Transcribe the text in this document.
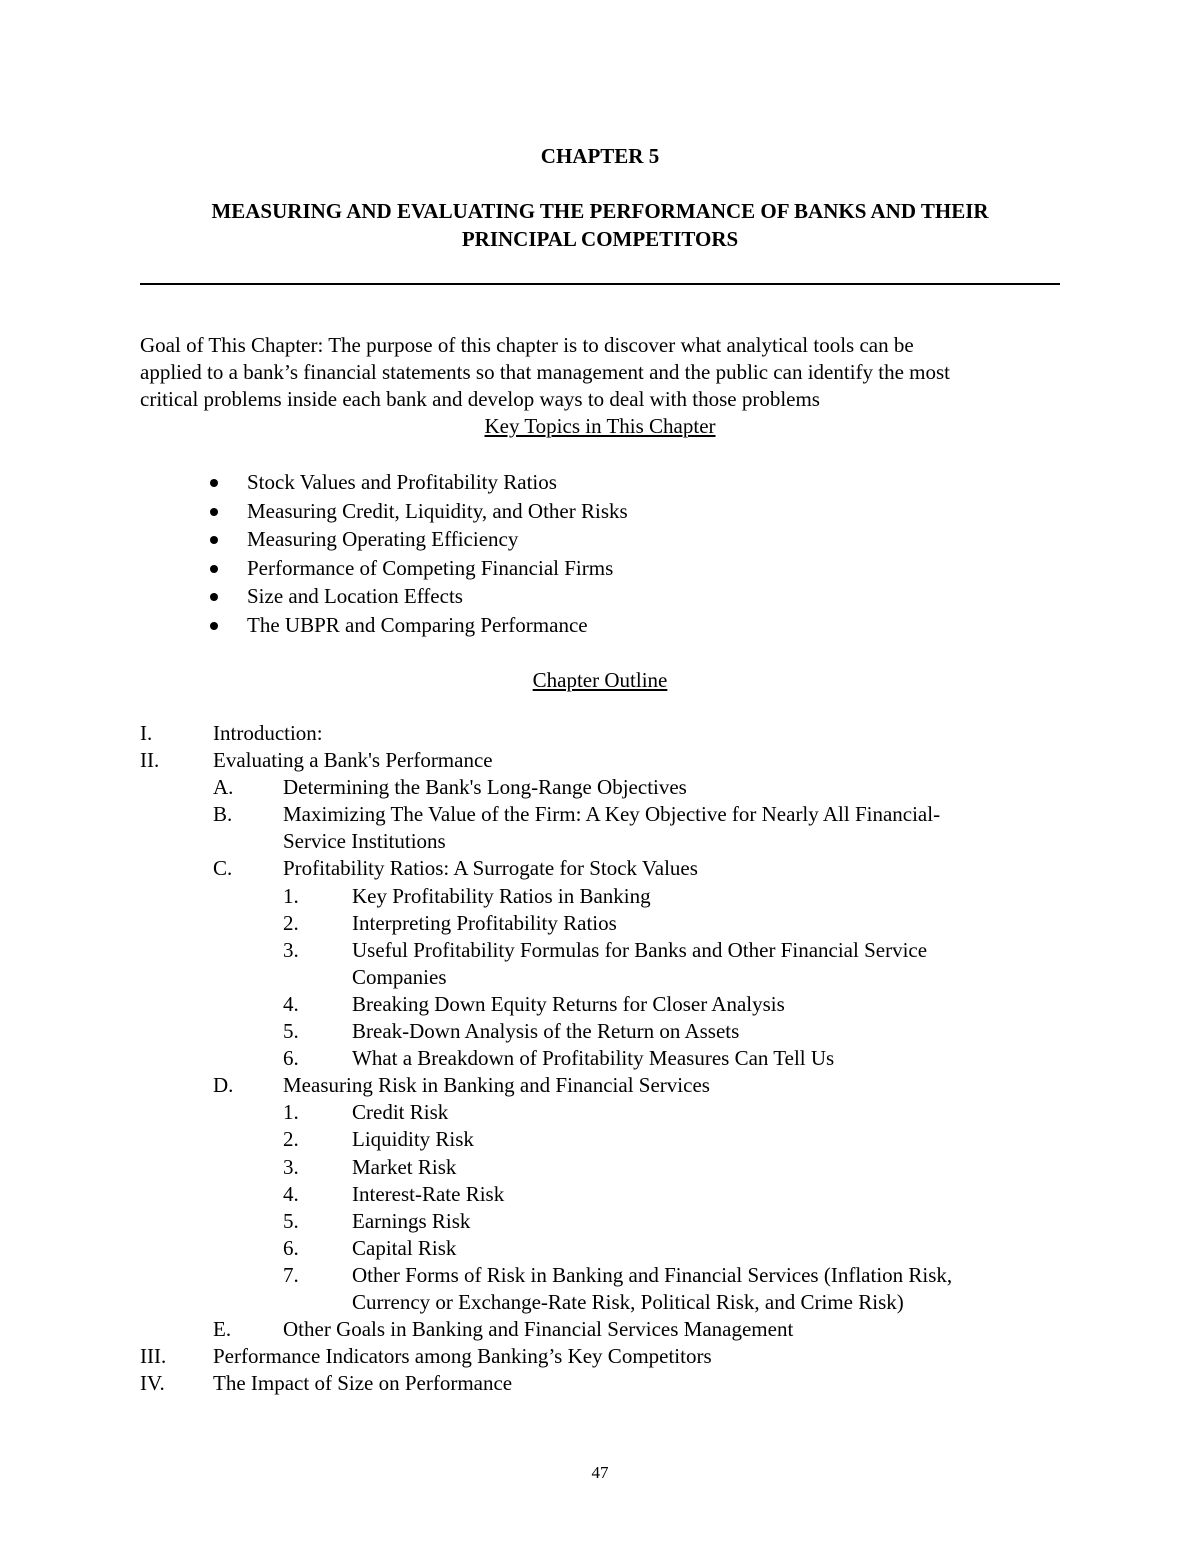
CHAPTER 5
MEASURING AND EVALUATING THE PERFORMANCE OF BANKS AND THEIR
PRINCIPAL COMPETITORS
Goal of This Chapter: The purpose of this chapter is to discover what analytical tools can be
applied to a bank’s financial statements so that management and the public can identify the most
critical problems inside each bank and develop ways to deal with those problems
Key Topics in This Chapter
Stock Values and Profitability Ratios
Measuring Credit, Liquidity, and Other Risks
Measuring Operating Efficiency
Performance of Competing Financial Firms
Size and Location Effects
The UBPR and Comparing Performance
Chapter Outline
I.	Introduction:
II.	Evaluating a Bank's Performance
A. Determining the Bank's Long-Range Objectives
B. Maximizing The Value of the Firm: A Key Objective for Nearly All Financial-
Service Institutions
C. Profitability Ratios: A Surrogate for Stock Values
1.	Key Profitability Ratios in Banking
2.	Interpreting Profitability Ratios
3.	Useful Profitability Formulas for Banks and Other Financial Service
Companies
4.	Breaking Down Equity Returns for Closer Analysis
5.	Break-Down Analysis of the Return on Assets
6.	What a Breakdown of Profitability Measures Can Tell Us
D. Measuring Risk in Banking and Financial Services
1.	Credit Risk
2.	Liquidity Risk
3.	Market Risk
4.	Interest-Rate Risk
5.	Earnings Risk
6.	Capital Risk
7.	Other Forms of Risk in Banking and Financial Services (Inflation Risk,
Currency or Exchange-Rate Risk, Political Risk, and Crime Risk)
E. Other Goals in Banking and Financial Services Management
III. Performance Indicators among Banking’s Key Competitors
IV. The Impact of Size on Performance
47
